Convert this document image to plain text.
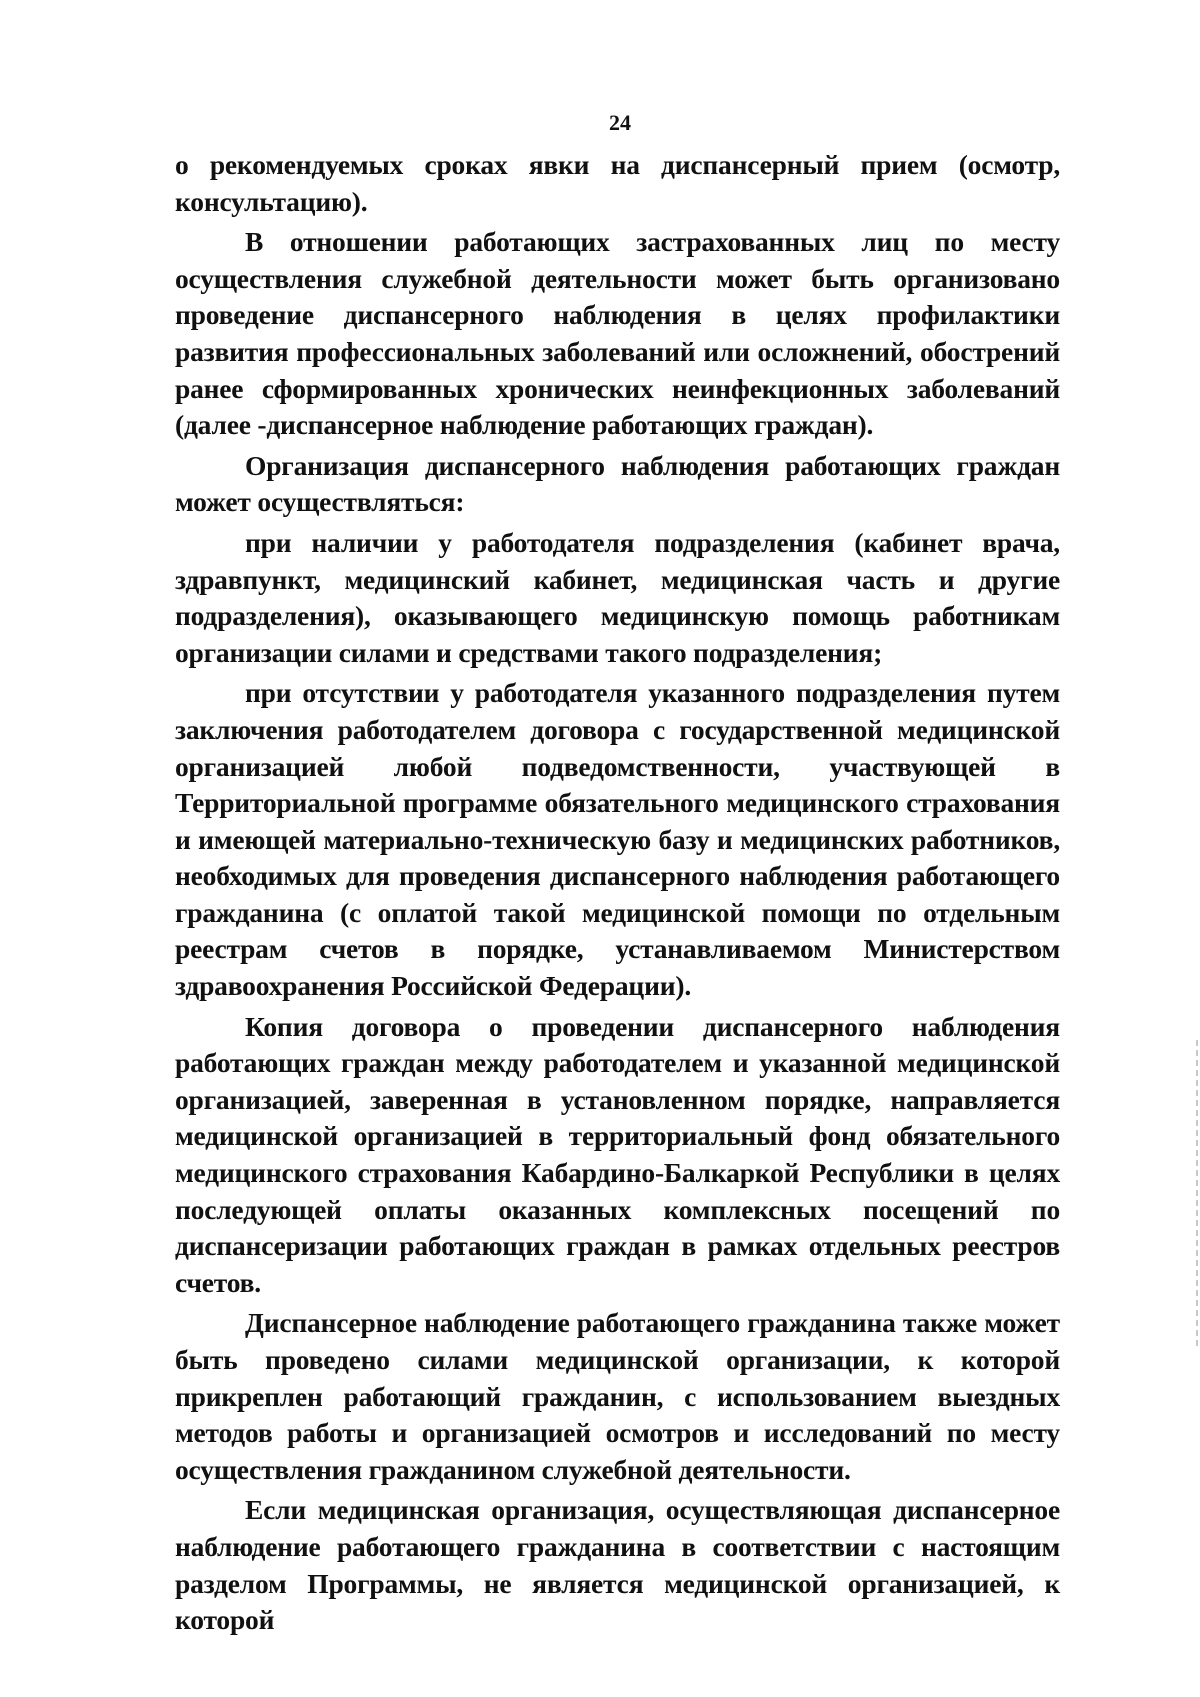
24

о рекомендуемых сроках явки на диспансерный прием (осмотр, консультацию).

В отношении работающих застрахованных лиц по месту осуществления служебной деятельности может быть организовано проведение диспансерного наблюдения в целях профилактики развития профессиональных заболеваний или осложнений, обострений ранее сформированных хронических неинфекционных заболеваний (далее -диспансерное наблюдение работающих граждан).

Организация диспансерного наблюдения работающих граждан может осуществляться:

при наличии у работодателя подразделения (кабинет врача, здравпункт, медицинский кабинет, медицинская часть и другие подразделения), оказывающего медицинскую помощь работникам организации силами и средствами такого подразделения;

при отсутствии у работодателя указанного подразделения путем заключения работодателем договора с государственной медицинской организацией любой подведомственности, участвующей в Территориальной программе обязательного медицинского страхования и имеющей материально-техническую базу и медицинских работников, необходимых для проведения диспансерного наблюдения работающего гражданина (с оплатой такой медицинской помощи по отдельным реестрам счетов в порядке, устанавливаемом Министерством здравоохранения Российской Федерации).

Копия договора о проведении диспансерного наблюдения работающих граждан между работодателем и указанной медицинской организацией, заверенная в установленном порядке, направляется медицинской организацией в территориальный фонд обязательного медицинского страхования Кабардино-Балкаркой Республики в целях последующей оплаты оказанных комплексных посещений по диспансеризации работающих граждан в рамках отдельных реестров счетов.

Диспансерное наблюдение работающего гражданина также может быть проведено силами медицинской организации, к которой прикреплен работающий гражданин, с использованием выездных методов работы и организацией осмотров и исследований по месту осуществления гражданином служебной деятельности.

Если медицинская организация, осуществляющая диспансерное наблюдение работающего гражданина в соответствии с настоящим разделом Программы, не является медицинской организацией, к которой
